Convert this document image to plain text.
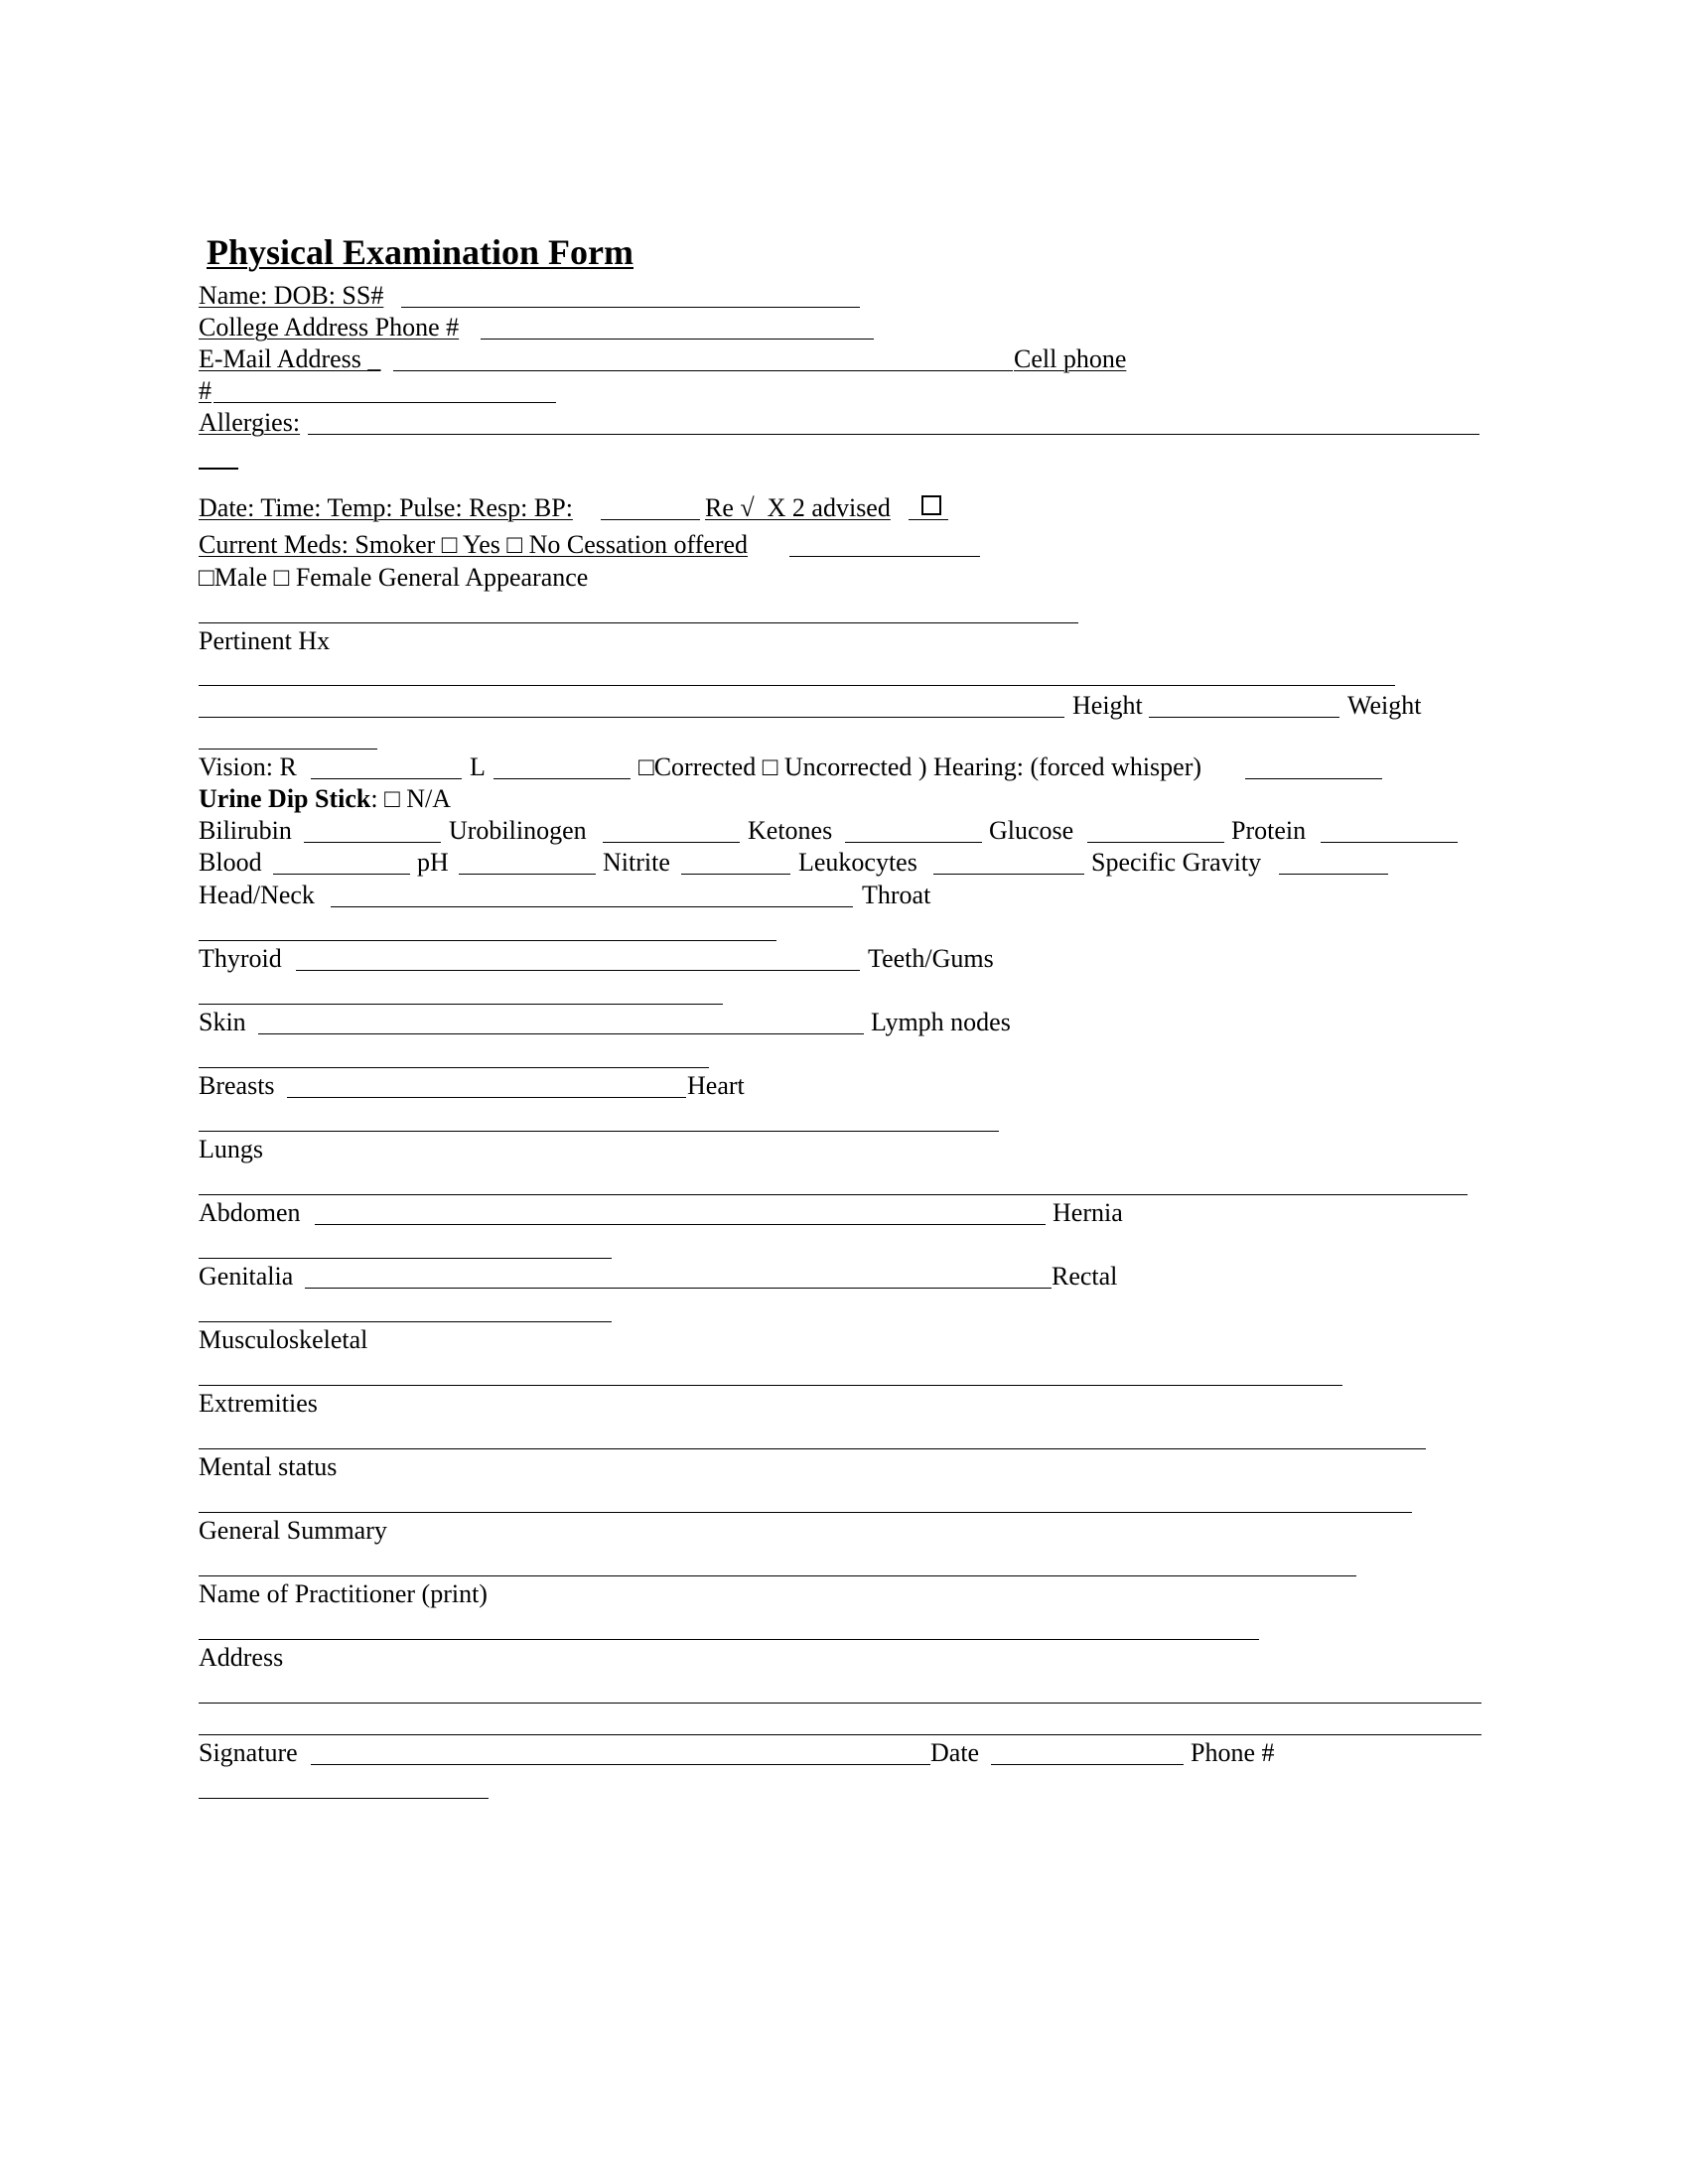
Physical Examination Form
Name: DOB: SS#
College Address Phone #
E-Mail Address _	Cell phone
#
Allergies:
Date: Time: Temp: Pulse: Resp: BP:	Re √  X 2 advised
Current Meds: Smoker □ Yes □ No Cessation offered
□Male □ Female General Appearance
Pertinent Hx
Height	Weight
Vision: R	L	□Corrected □ Uncorrected ) Hearing: (forced whisper)
Urine Dip Stick: □ N/A
Bilirubin	Urobilinogen	Ketones	Glucose	Protein
Blood	pH	Nitrite	Leukocytes	Specific Gravity
Head/Neck	Throat
Thyroid	Teeth/Gums
Skin	Lymph nodes
Breasts	Heart
Lungs
Abdomen	Hernia
Genitalia	Rectal
Musculoskeletal
Extremities
Mental status
General Summary
Name of Practitioner (print)
Address
Signature	Date	Phone #
